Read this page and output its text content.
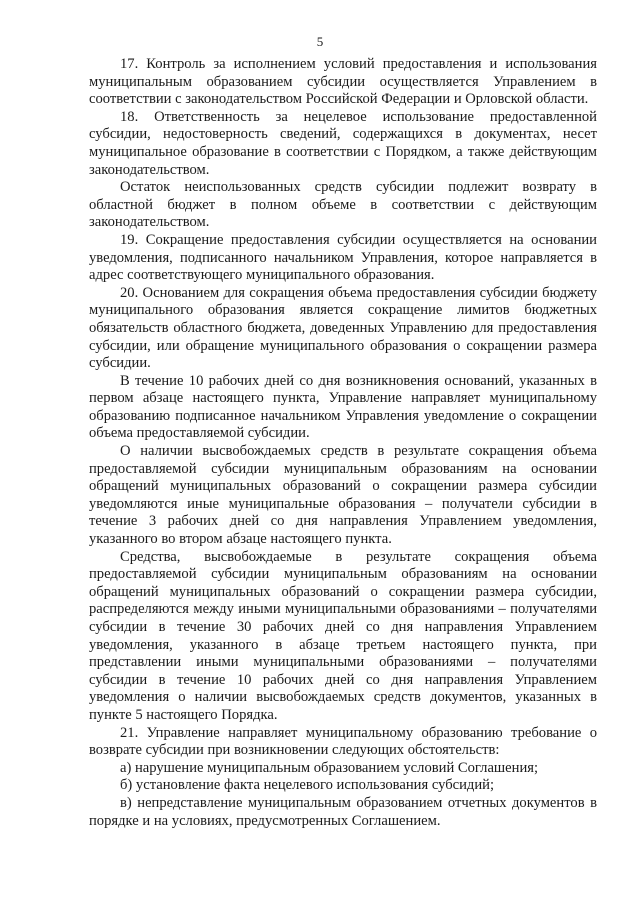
5

17. Контроль за исполнением условий предоставления и использования муниципальным образованием субсидии осуществляется Управлением в соответствии с законодательством Российской Федерации и Орловской области.

18. Ответственность за нецелевое использование предоставленной субсидии, недостоверность сведений, содержащихся в документах, несет муниципальное образование в соответствии с Порядком, а также действующим законодательством.

Остаток неиспользованных средств субсидии подлежит возврату в областной бюджет в полном объеме в соответствии с действующим законодательством.

19. Сокращение предоставления субсидии осуществляется на основании уведомления, подписанного начальником Управления, которое направляется в адрес соответствующего муниципального образования.

20. Основанием для сокращения объема предоставления субсидии бюджету муниципального образования является сокращение лимитов бюджетных обязательств областного бюджета, доведенных Управлению для предоставления субсидии, или обращение муниципального образования о сокращении размера субсидии.

В течение 10 рабочих дней со дня возникновения оснований, указанных в первом абзаце настоящего пункта, Управление направляет муниципальному образованию подписанное начальником Управления уведомление о сокращении объема предоставляемой субсидии.

О наличии высвобождаемых средств в результате сокращения объема предоставляемой субсидии муниципальным образованиям на основании обращений муниципальных образований о сокращении размера субсидии уведомляются иные муниципальные образования – получатели субсидии в течение 3 рабочих дней со дня направления Управлением уведомления, указанного во втором абзаце настоящего пункта.

Средства, высвобождаемые в результате сокращения объема предоставляемой субсидии муниципальным образованиям на основании обращений муниципальных образований о сокращении размера субсидии, распределяются между иными муниципальными образованиями – получателями субсидии в течение 30 рабочих дней со дня направления Управлением уведомления, указанного в абзаце третьем настоящего пункта, при представлении иными муниципальными образованиями – получателями субсидии в течение 10 рабочих дней со дня направления Управлением уведомления о наличии высвобождаемых средств документов, указанных в пункте 5 настоящего Порядка.

21. Управление направляет муниципальному образованию требование о возврате субсидии при возникновении следующих обстоятельств:

а) нарушение муниципальным образованием условий Соглашения;

б) установление факта нецелевого использования субсидий;

в) непредставление муниципальным образованием отчетных документов в порядке и на условиях, предусмотренных Соглашением.
